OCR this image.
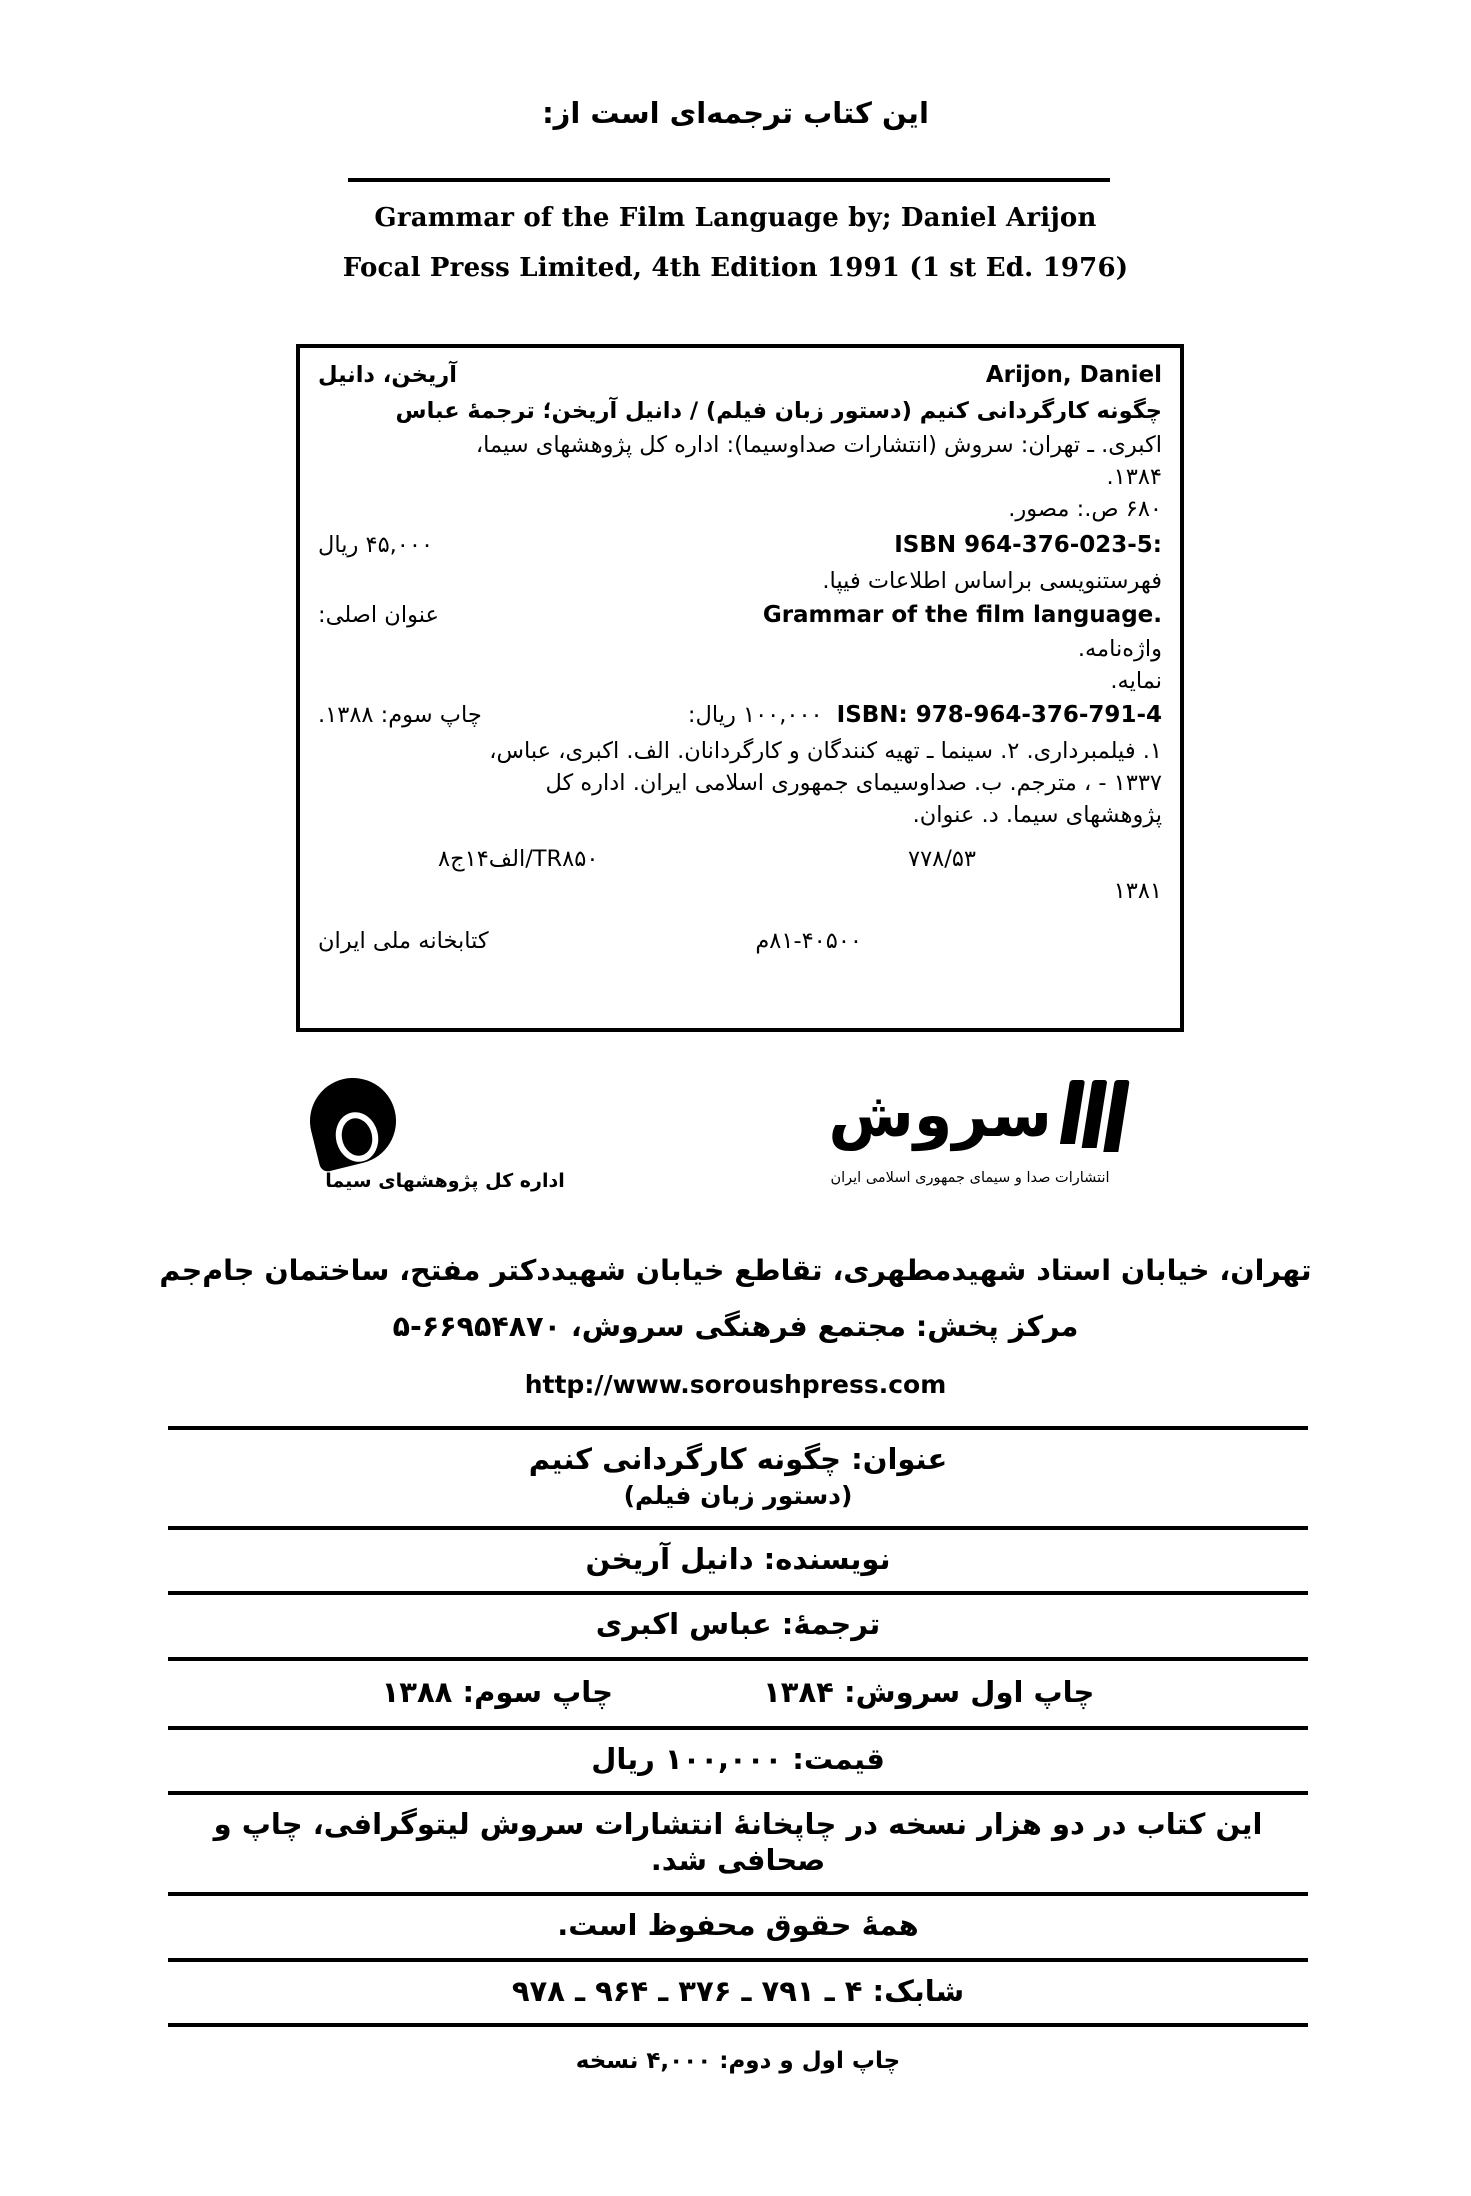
این کتاب ترجمه‌ای است از:
Grammar of the Film Language by; Daniel Arijon
Focal Press Limited, 4th Edition 1991 (1 st Ed. 1976)
Arijon, Daniel
آریخن، دانیل
چگونه کارگردانی کنیم (دستور زبان فیلم) / دانیل آریخن؛ ترجمهٔ عباس
اکبری. ـ تهران: سروش (انتشارات صداوسیما): اداره کل پژوهشهای سیما،
۱۳۸۴.
۶۸۰ ص.: مصور.
ISBN 964-376-023-5:
۴۵,۰۰۰ ریال
فهرستنویسی براساس اطلاعات فیپا.
Grammar of the film language.
عنوان اصلی:
واژه‌نامه.
نمایه.
ISBN: 978-964-376-791-4
۱۰۰,۰۰۰ ریال:
چاپ سوم: ۱۳۸۸.
۱. فیلمبرداری. ۲. سینما ـ تهیه کنندگان و کارگردانان. الف. اکبری، عباس،
۱۳۳۷ - ، مترجم. ب. صداوسیمای جمهوری اسلامی ایران. اداره کل
پژوهشهای سیما. د. عنوان.
۷۷۸/۵۳
TR۸۵۰/الف۱۴ج۸
۱۳۸۱
۸۱-۴۰۵۰۰م
کتابخانه ملی ایران
سروش
انتشارات صدا و سیمای جمهوری اسلامی ایران
اداره کل پژوهشهای سیما
تهران، خیابان استاد شهیدمطهری، تقاطع خیابان شهیددکتر مفتح، ساختمان جام‌جم
مرکز پخش: مجتمع فرهنگی سروش، ۶۶۹۵۴۸۷۰-۵
http://www.soroushpress.com
عنوان: چگونه کارگردانی کنیم
(دستور زبان فیلم)
نویسنده: دانیل آریخن
ترجمهٔ: عباس اکبری
چاپ اول سروش: ۱۳۸۴
چاپ سوم: ۱۳۸۸
قیمت: ۱۰۰,۰۰۰ ریال
این کتاب در دو هزار نسخه در چاپخانهٔ انتشارات سروش لیتوگرافی، چاپ و صحافی شد.
همهٔ حقوق محفوظ است.
شابک: ۴ ـ ۷۹۱ ـ ۳۷۶ ـ ۹۶۴ ـ ۹۷۸
چاپ اول و دوم: ۴,۰۰۰ نسخه
